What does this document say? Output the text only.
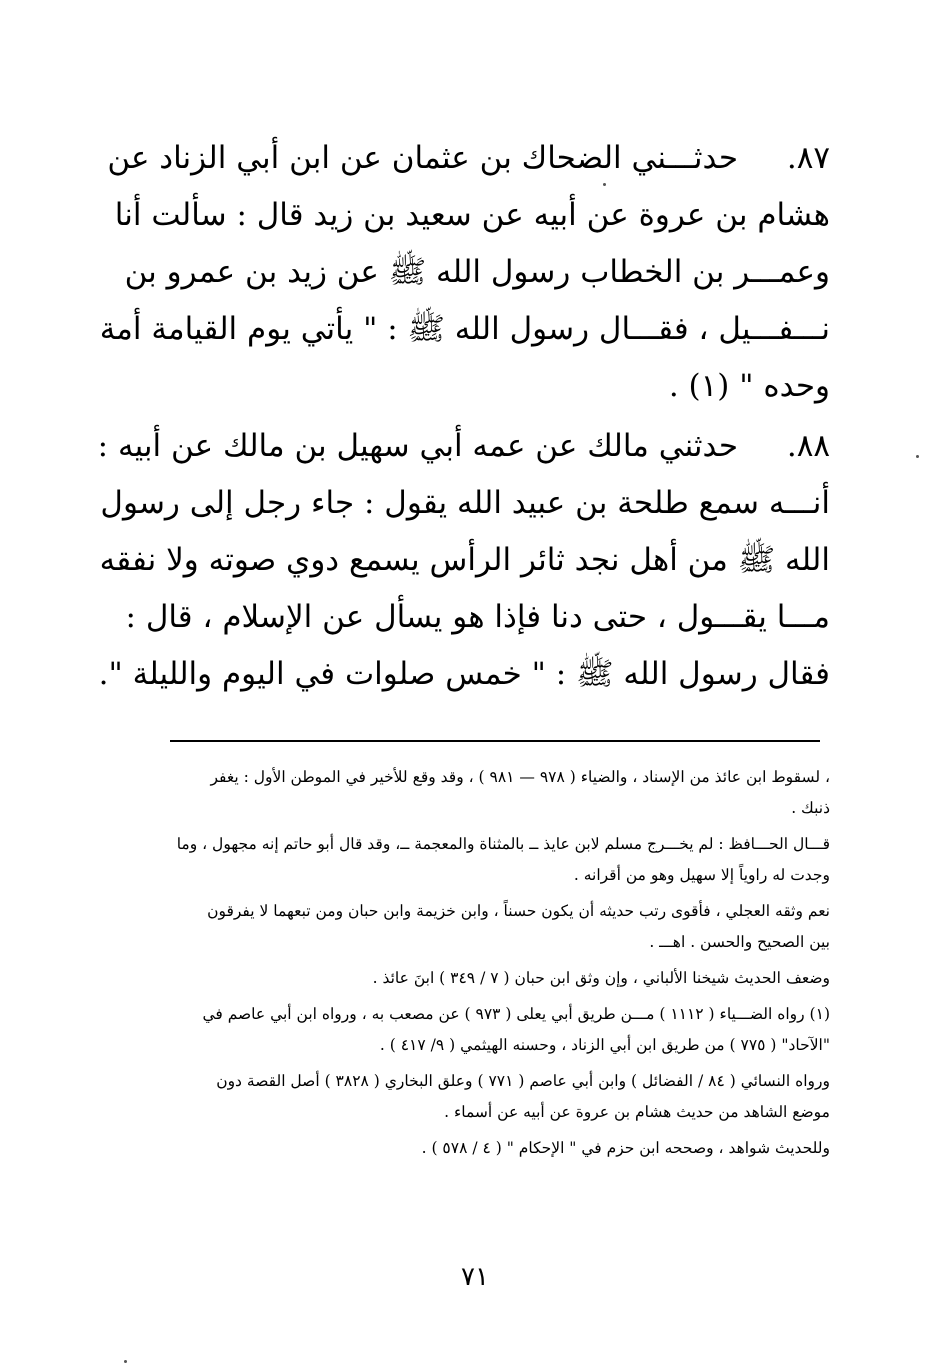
٨٧.
حدثـــني الضحاك بن عثمان عن ابن أبي الزناد عن
هشام بن عروة عن أبيه عن سعيد بن زيد قال : سألت أنا
وعمـــر بن الخطاب رسول الله ﷺ عن زيد بن عمرو بن
نـــفـــيل ، فقـــال رسول الله ﷺ : " يأتي يوم القيامة أمة
وحده " (١) .
٨٨.
حدثني مالك عن عمه أبي سهيل بن مالك عن أبيه :
أنـــه سمع طلحة بن عبيد الله يقول : جاء رجل إلى رسول
الله ﷺ من أهل نجد ثائر الرأس يسمع دوي صوته ولا نفقه
مـــا يقـــول ، حتى دنا فإذا هو يسأل عن الإسلام ، قال :
فقال رسول الله ﷺ : " خمس صلوات في اليوم والليلة ".
، لسقوط ابن عائذ من الإسناد ، والضياء ( ٩٧٨ — ٩٨١ ) ، وقد وقع للأخير في الموطن الأول : يغفر
ذنبك .
قـــال الحـــافظ : لم يخـــرج مسلم لابن عايذ ــ بالمثناة والمعجمة ــ، وقد قال أبو حاتم إنه مجهول ، وما
وجدت له راوياً إلا سهيل وهو من أقرانه .
نعم وثقه العجلي ، فأقوى رتب حديثه أن يكون حسناً ، وابن خزيمة وابن حبان ومن تبعهما لا يفرقون
بين الصحيح والحسن . اهـــ .
وضعف الحديث شيخنا الألباني ، وإن وثق ابن حبان ( ٧ / ٣٤٩ ) ابنَ عائذ .
(١) رواه الضـــياء ( ١١١٢ ) مـــن طريق أبي يعلى ( ٩٧٣ ) عن مصعب به ، ورواه ابن أبي عاصم في
"الآحاد" ( ٧٧٥ ) من طريق ابن أبي الزناد ، وحسنه الهيثمي ( ٩/ ٤١٧ ) .
ورواه النسائي ( ٨٤ / الفضائل ) وابن أبي عاصم ( ٧٧١ ) وعلق البخاري ( ٣٨٢٨ ) أصل القصة دون
موضع الشاهد من حديث هشام بن عروة عن أبيه عن أسماء .
وللحديث شواهد ، وصححه ابن حزم في " الإحكام " ( ٤ / ٥٧٨ ) .
٧١
